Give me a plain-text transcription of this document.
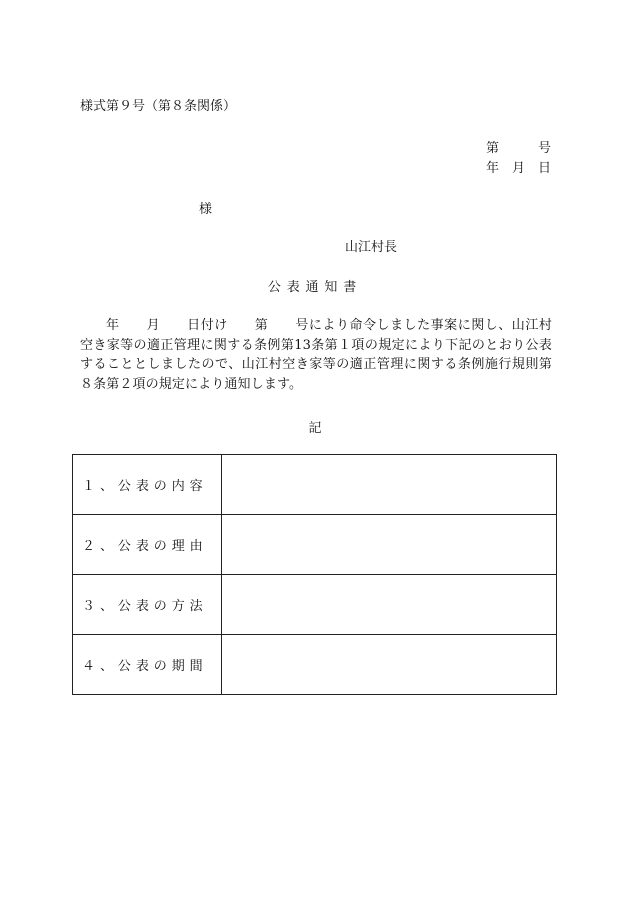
様式第９号（第８条関係）
第　　　号
年　月　日
様
山江村長
公表通知書

年　　月　　日付け　　第　　号により命令しました事案に関し、山江村空き家等の適正管理に関する条例第13条第１項の規定により下記のとおり公表することとしましたので、山江村空き家等の適正管理に関する条例施行規則第８条第２項の規定により通知します。

記
１、公表の内容	
２、公表の理由	
３、公表の方法	
４、公表の期間	
